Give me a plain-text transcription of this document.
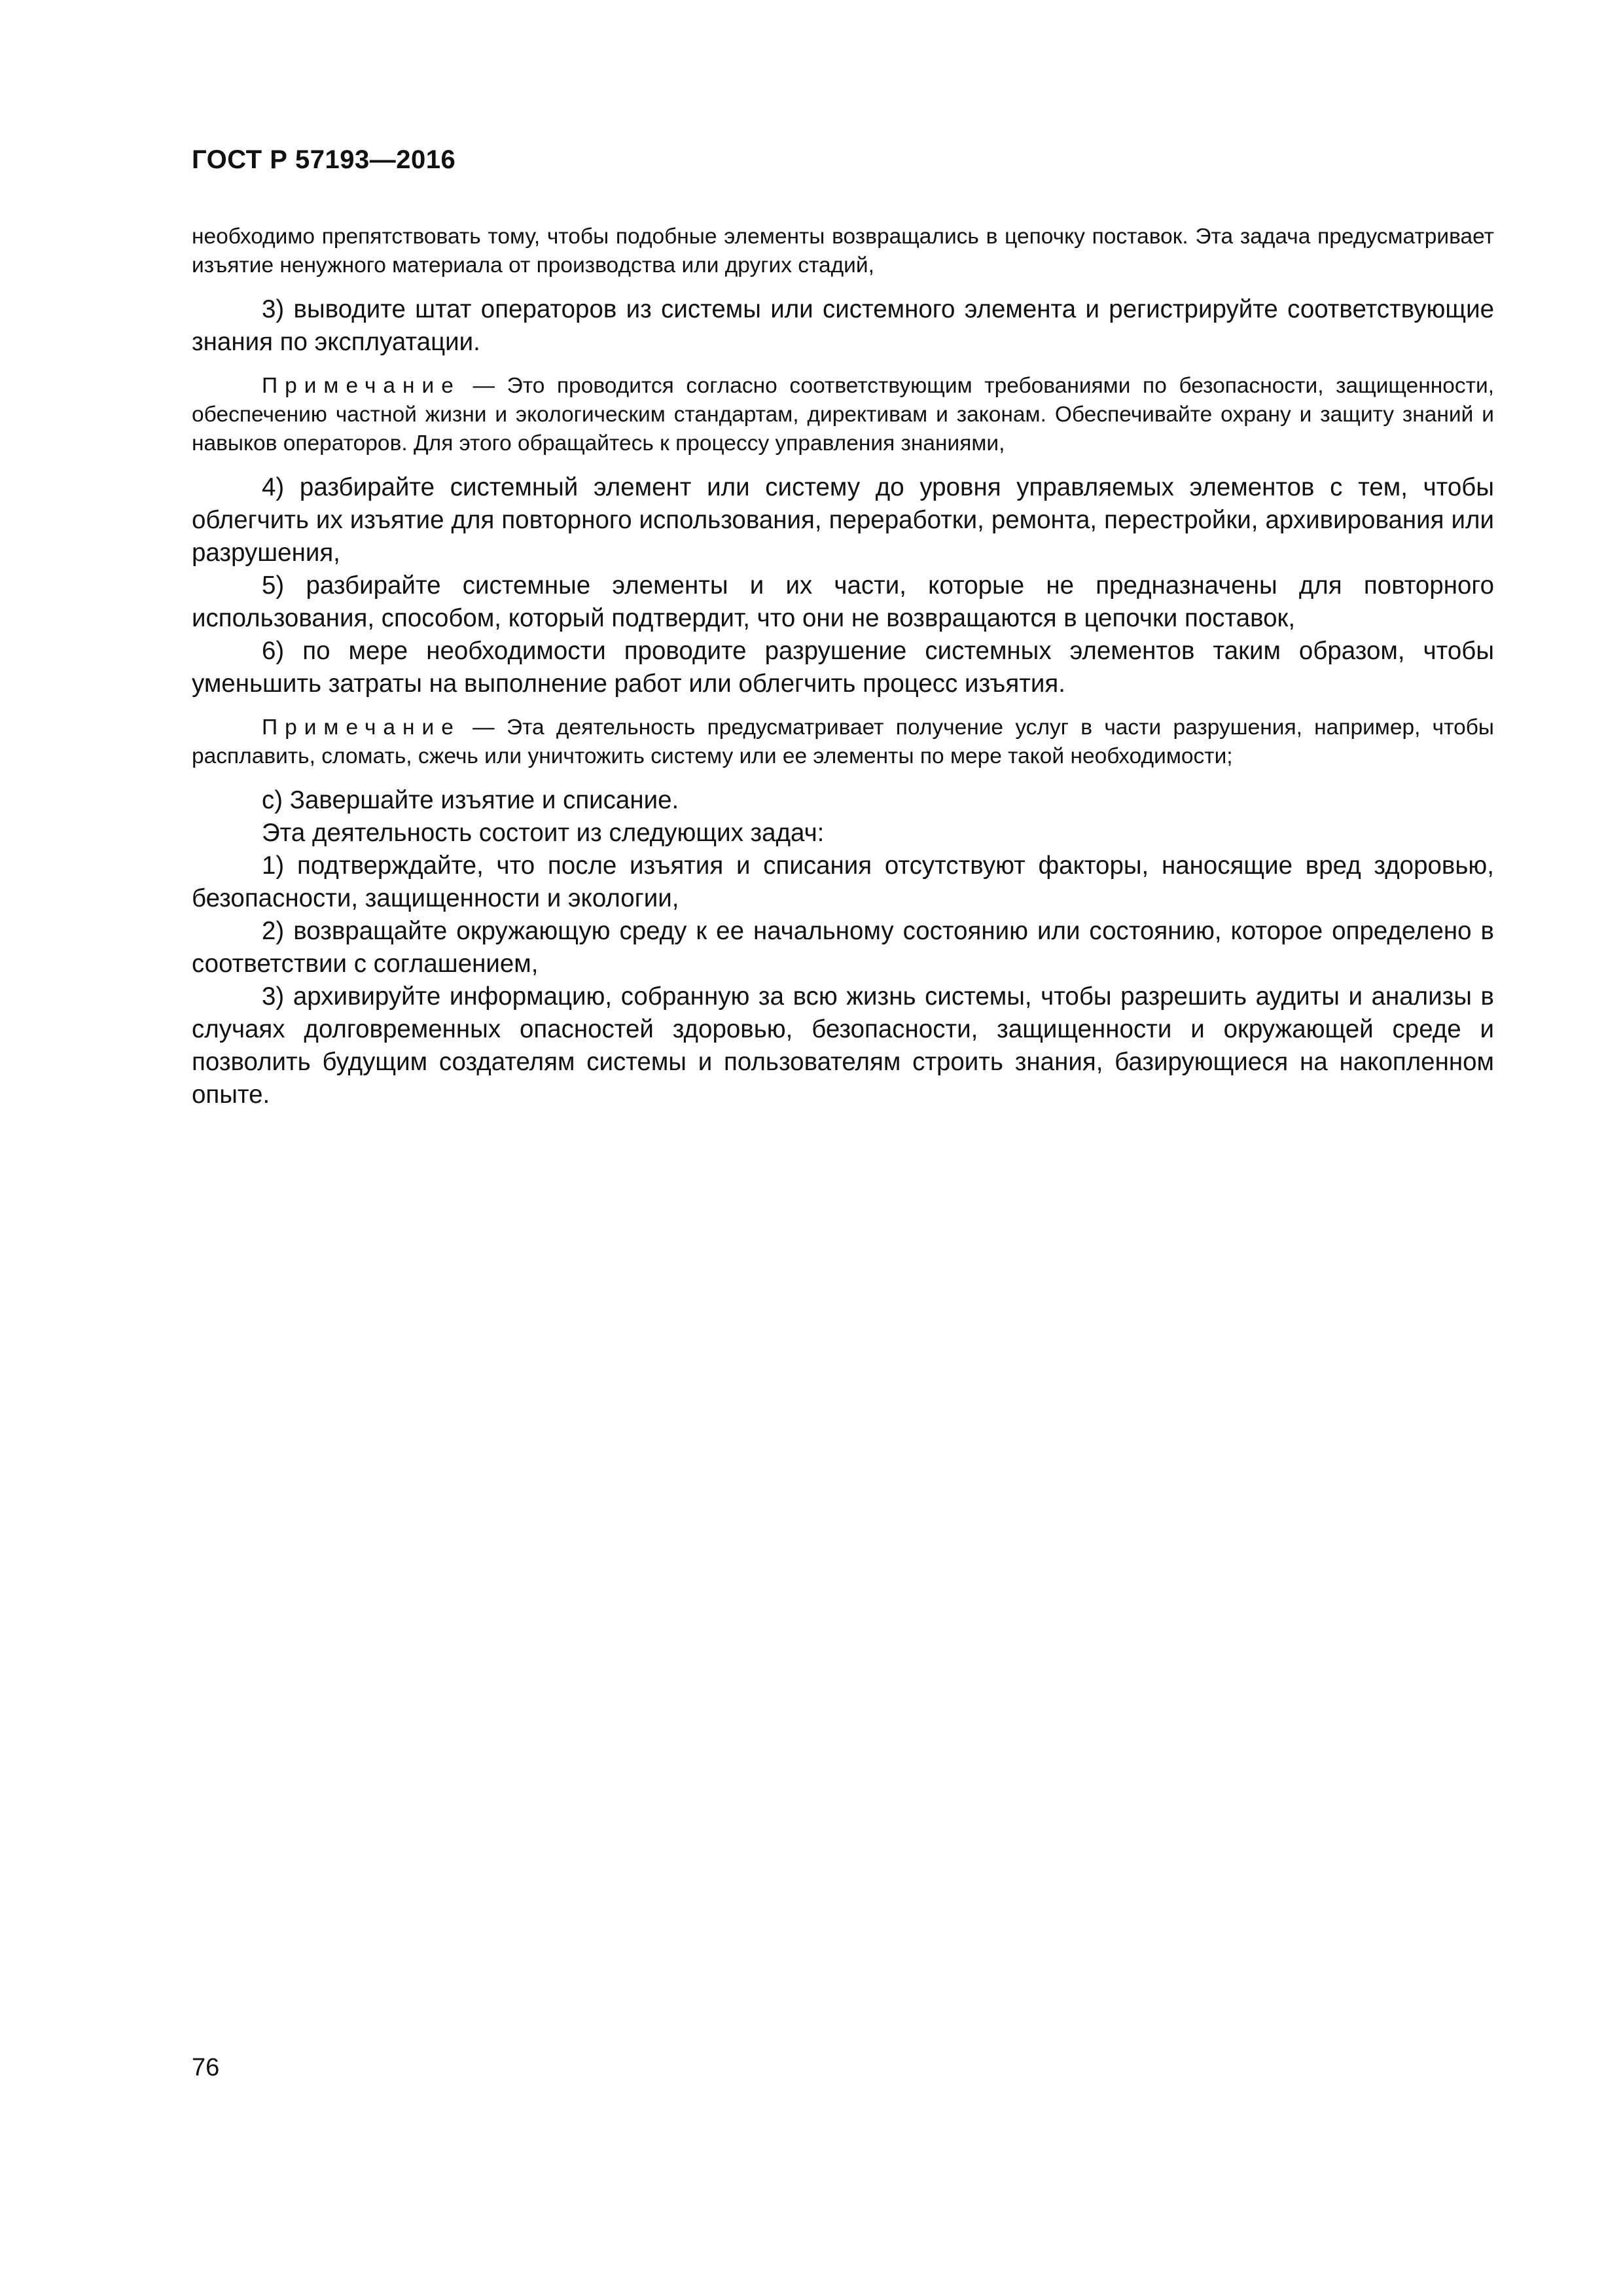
ГОСТ Р 57193—2016

необходимо препятствовать тому, чтобы подобные элементы возвращались в цепочку поставок. Эта задача предусматривает изъятие ненужного материала от производства или других стадий,

3) выводите штат операторов из системы или системного элемента и регистрируйте соответствующие знания по эксплуатации.

Примечание — Это проводится согласно соответствующим требованиями по безопасности, защищенности, обеспечению частной жизни и экологическим стандартам, директивам и законам. Обеспечивайте охрану и защиту знаний и навыков операторов. Для этого обращайтесь к процессу управления знаниями,

4) разбирайте системный элемент или систему до уровня управляемых элементов с тем, чтобы облегчить их изъятие для повторного использования, переработки, ремонта, перестройки, архивирования или разрушения,

5) разбирайте системные элементы и их части, которые не предназначены для повторного использования, способом, который подтвердит, что они не возвращаются в цепочки поставок,

6) по мере необходимости проводите разрушение системных элементов таким образом, чтобы уменьшить затраты на выполнение работ или облегчить процесс изъятия.

Примечание — Эта деятельность предусматривает получение услуг в части разрушения, например, чтобы расплавить, сломать, сжечь или уничтожить систему или ее элементы по мере такой необходимости;

с) Завершайте изъятие и списание.

Эта деятельность состоит из следующих задач:

1) подтверждайте, что после изъятия и списания отсутствуют факторы, наносящие вред здоровью, безопасности, защищенности и экологии,

2) возвращайте окружающую среду к ее начальному состоянию или состоянию, которое определено в соответствии с соглашением,

3) архивируйте информацию, собранную за всю жизнь системы, чтобы разрешить аудиты и анализы в случаях долговременных опасностей здоровью, безопасности, защищенности и окружающей среде и позволить будущим создателям системы и пользователям строить знания, базирующиеся на накопленном опыте.

76
